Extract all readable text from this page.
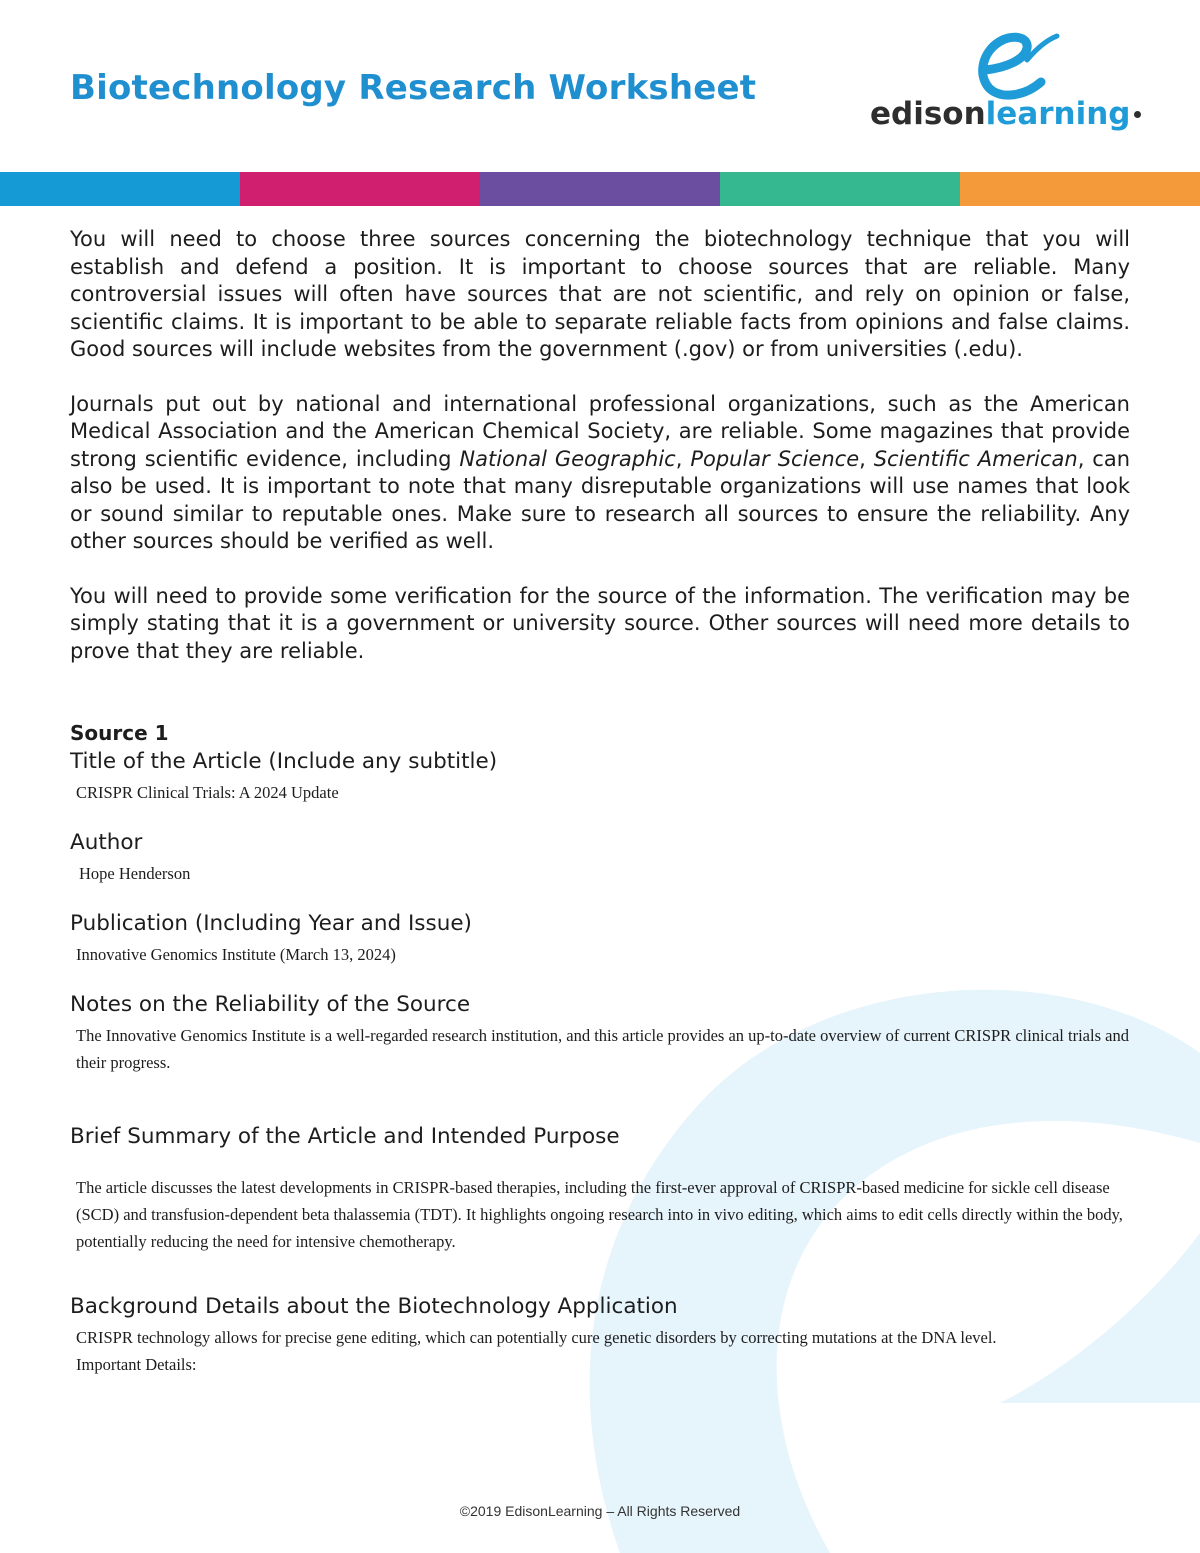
Biotechnology Research Worksheet
edisonlearning

You will need to choose three sources concerning the biotechnology technique that you will establish and defend a position. It is important to choose sources that are reliable. Many controversial issues will often have sources that are not scientific, and rely on opinion or false, scientific claims. It is important to be able to separate reliable facts from opinions and false claims. Good sources will include websites from the government (.gov) or from universities (.edu).

Journals put out by national and international professional organizations, such as the American Medical Association and the American Chemical Society, are reliable. Some magazines that provide strong scientific evidence, including National Geographic, Popular Science, Scientific American, can also be used. It is important to note that many disreputable organizations will use names that look or sound similar to reputable ones. Make sure to research all sources to ensure the reliability. Any other sources should be verified as well.

You will need to provide some verification for the source of the information. The verification may be simply stating that it is a government or university source. Other sources will need more details to prove that they are reliable.

Source 1
Title of the Article (Include any subtitle)
CRISPR Clinical Trials: A 2024 Update
Author
Hope Henderson
Publication (Including Year and Issue)
Innovative Genomics Institute (March 13, 2024)
Notes on the Reliability of the Source
The Innovative Genomics Institute is a well-regarded research institution, and this article provides an up-to-date overview of current CRISPR clinical trials and their progress.
Brief Summary of the Article and Intended Purpose
The article discusses the latest developments in CRISPR-based therapies, including the first-ever approval of CRISPR-based medicine for sickle cell disease (SCD) and transfusion-dependent beta thalassemia (TDT). It highlights ongoing research into in vivo editing, which aims to edit cells directly within the body, potentially reducing the need for intensive chemotherapy.
Background Details about the Biotechnology Application
CRISPR technology allows for precise gene editing, which can potentially cure genetic disorders by correcting mutations at the DNA level.
Important Details:
©2019 EdisonLearning – All Rights Reserved
